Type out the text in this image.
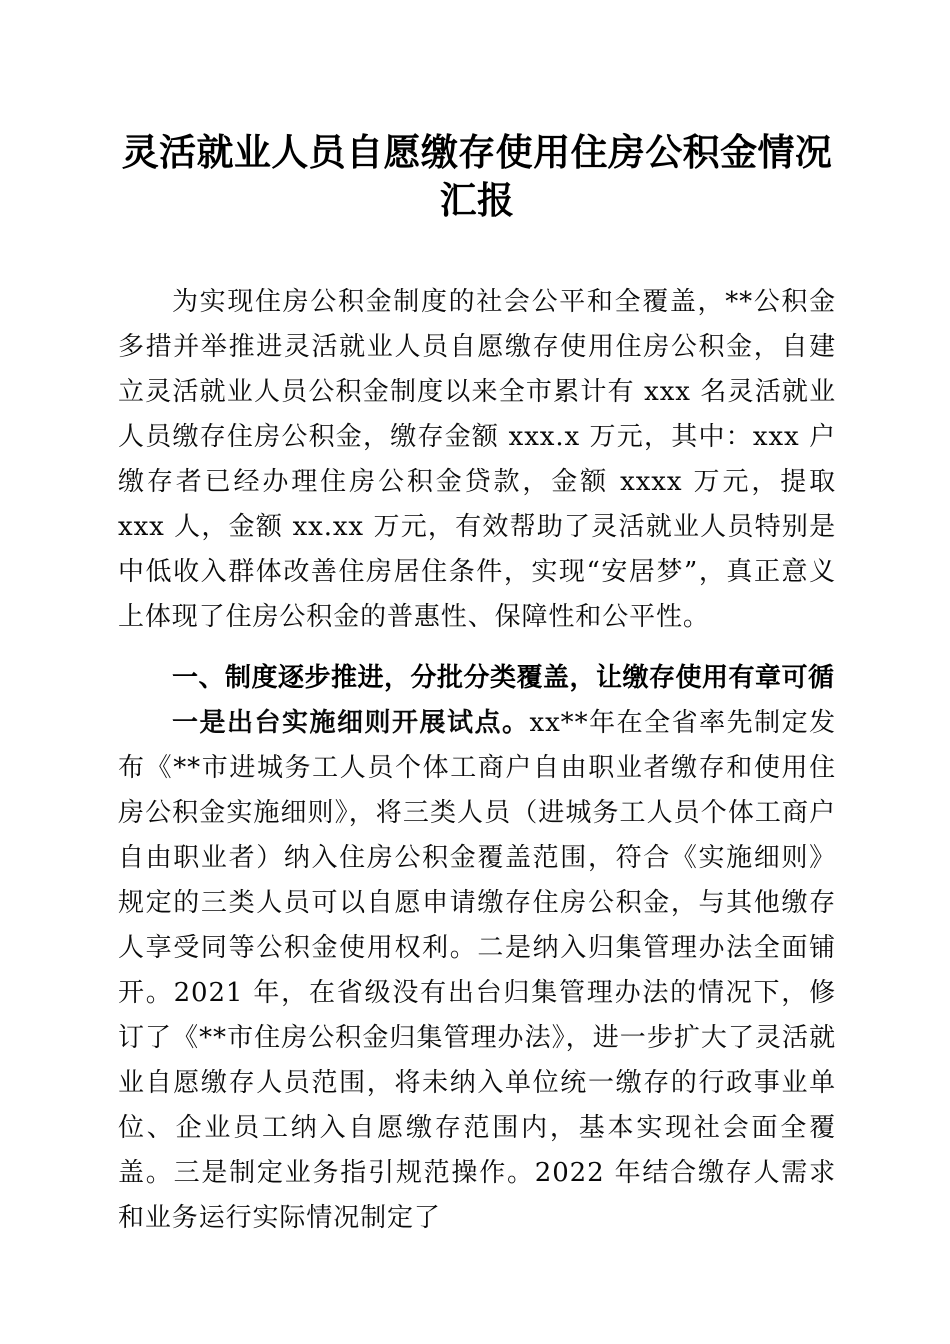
灵活就业人员自愿缴存使用住房公积金情况汇报

为实现住房公积金制度的社会公平和全覆盖，**公积金多措并举推进灵活就业人员自愿缴存使用住房公积金，自建立灵活就业人员公积金制度以来全市累计有 xxx 名灵活就业人员缴存住房公积金，缴存金额 xxx.x 万元，其中：xxx 户缴存者已经办理住房公积金贷款，金额 xxxx 万元，提取 xxx 人，金额 xx.xx 万元，有效帮助了灵活就业人员特别是中低收入群体改善住房居住条件，实现“安居梦”，真正意义上体现了住房公积金的普惠性、保障性和公平性。

一、制度逐步推进，分批分类覆盖，让缴存使用有章可循

一是出台实施细则开展试点。xx**年在全省率先制定发布《**市进城务工人员个体工商户自由职业者缴存和使用住房公积金实施细则》，将三类人员（进城务工人员个体工商户自由职业者）纳入住房公积金覆盖范围，符合《实施细则》规定的三类人员可以自愿申请缴存住房公积金，与其他缴存人享受同等公积金使用权利。二是纳入归集管理办法全面铺开。2021 年，在省级没有出台归集管理办法的情况下，修订了《**市住房公积金归集管理办法》，进一步扩大了灵活就业自愿缴存人员范围，将未纳入单位统一缴存的行政事业单位、企业员工纳入自愿缴存范围内，基本实现社会面全覆盖。三是制定业务指引规范操作。2022 年结合缴存人需求和业务运行实际情况制定了
